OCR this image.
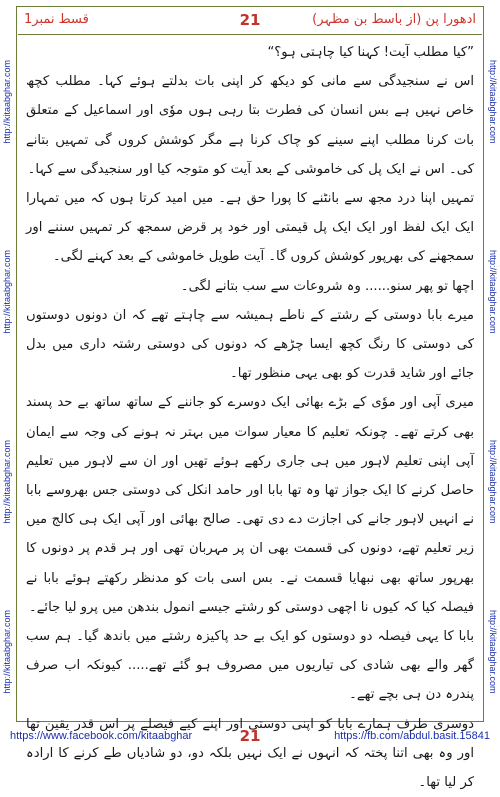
ادھورا پن (از باسط بن مظہر)
21
قسط نمبر1
http://kitaabghar.com
http://kitaabghar.com
http://kitaabghar.com
http://kitaabghar.com
http://kitaabghar.com
http://kitaabghar.com
http://kitaabghar.com
http://kitaabghar.com

”کیا مطلب آیت! کہنا کیا چاہتی ہو؟“

اس نے سنجیدگی سے مانی کو دیکھ کر اپنی بات بدلتے ہوئے کہا۔ مطلب کچھ خاص نہیں ہے بس انسان کی فطرت بتا رہی ہوں موٗی اور اسماعیل کے متعلق بات کرنا مطلب اپنے سینے کو چاک کرنا ہے مگر کوشش کروں گی تمہیں بتانے کی۔ اس نے ایک پل کی خاموشی کے بعد آیت کو متوجہ کیا اور سنجیدگی سے کہا۔

تمہیں اپنا درد مجھ سے بانٹنے کا پورا حق ہے۔ میں امید کرتا ہوں کہ میں تمہارا ایک ایک لفظ اور ایک ایک پل قیمتی اور خود پر قرض سمجھ کر تمہیں سننے اور سمجھنے کی بھرپور کوشش کروں گا۔ آیت طویل خاموشی کے بعد کہنے لگی۔

اچھا تو پھر سنو...... وہ شروعات سے سب بتانے لگی۔

میرے بابا دوستی کے رشتے کے ناطے ہمیشہ سے چاہتے تھے کہ ان دونوں دوستوں کی دوستی کا رنگ کچھ ایسا چڑھے کہ دونوں کی دوستی رشتہ داری میں بدل جائے اور شاید قدرت کو بھی یہی منظور تھا۔

میری آپی اور موٗی کے بڑے بھائی ایک دوسرے کو جاننے کے ساتھ ساتھ بے حد پسند بھی کرتے تھے۔ چونکہ تعلیم کا معیار سوات میں بہتر نہ ہونے کی وجہ سے ایمان آپی اپنی تعلیم لاہور میں ہی جاری رکھے ہوئے تھیں اور ان سے لاہور میں تعلیم حاصل کرنے کا ایک جواز تھا وہ تھا بابا اور حامد انکل کی دوستی جس بھروسے بابا نے انہیں لاہور جانے کی اجازت دے دی تھی۔ صالح بھائی اور آپی ایک ہی کالج میں زیر تعلیم تھے، دونوں کی قسمت بھی ان پر مہربان تھی اور ہر قدم پر دونوں کا بھرپور ساتھ بھی نبھایا قسمت نے۔ بس اسی بات کو مدنظر رکھتے ہوئے بابا نے فیصلہ کیا کہ کیوں نا اچھی دوستی کو رشتے جیسے انمول بندھن میں پرو لیا جائے۔

بابا کا یہی فیصلہ دو دوستوں کو ایک بے حد پاکیزہ رشتے میں باندھ گیا۔ ہم سب گھر والے بھی شادی کی تیاریوں میں مصروف ہو گئے تھے..... کیونکہ اب صرف پندرہ دن ہی بچے تھے۔

دوسری طرف ہمارے بابا کو اپنی دوستی اور اپنے کیے فیصلے پر اس قدر یقین تھا اور وہ بھی اتنا پختہ کہ انہوں نے ایک نہیں بلکہ دو، دو شادیاں طے کرنے کا ارادہ کر لیا تھا۔

https://www.facebook.com/kitaabghar	21	https://fb.com/abdul.basit.15841
